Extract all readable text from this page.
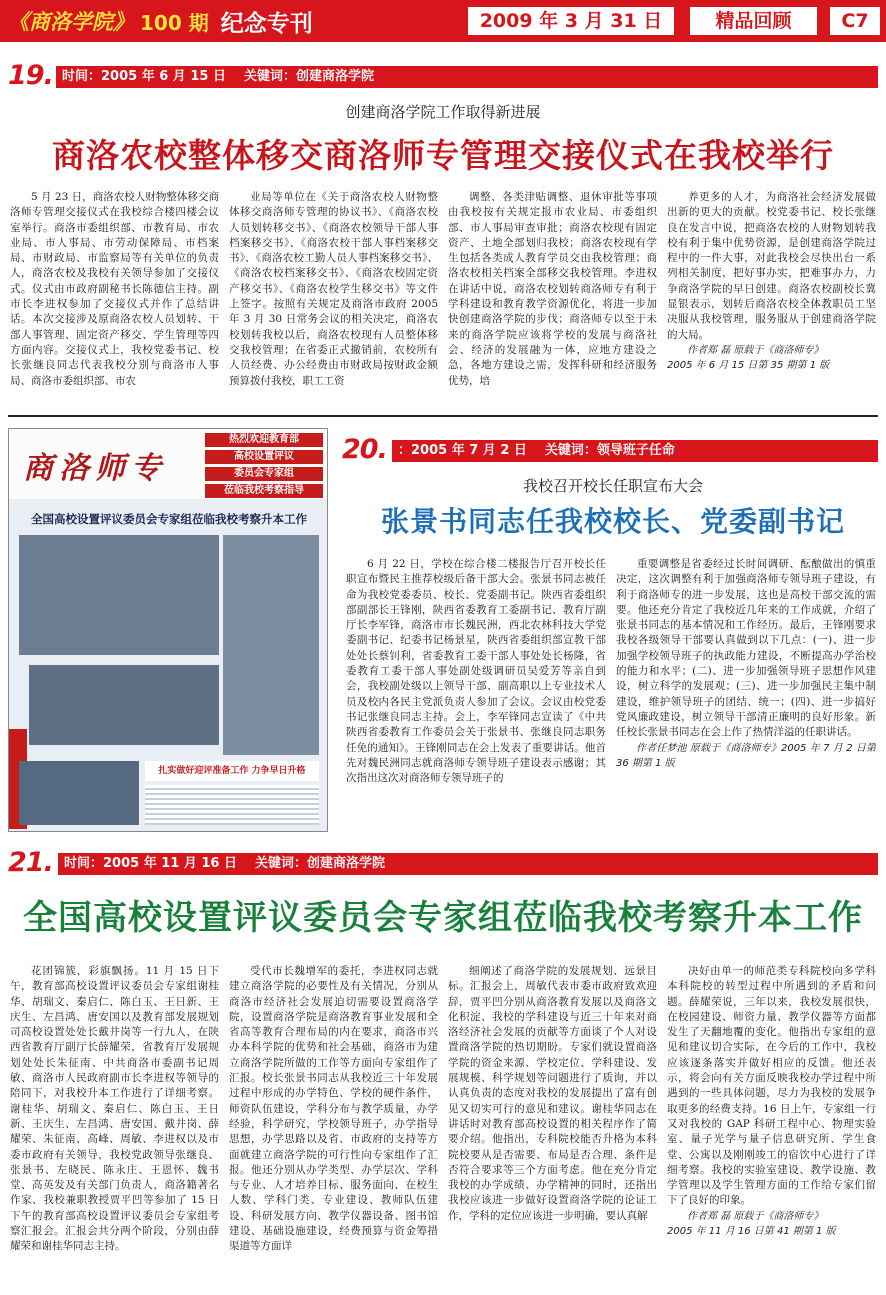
《商洛学院》 100 期 纪念专刊	2009 年 3 月 31 日	精品回顾	C7
19. 时间：2005 年 6 月 15 日 关键词：创建商洛学院
创建商洛学院工作取得新进展
商洛农校整体移交商洛师专管理交接仪式在我校举行

5 月 23 日，商洛农校人财物整体移交商洛师专管理交接仪式在我校综合楼四楼会议室举行。商洛市委组织部、市教育局、市农业局、市人事局、市劳动保障局、市档案局、市财政局、市监察局等有关单位的负责人，商洛农校及我校有关领导参加了交接仪式。仪式由市政府副秘书长陈德信主持。副市长李进权参加了交接仪式并作了总结讲话。本次交接涉及原商洛农校人员划转、干部人事管理、固定资产移交、学生管理等四方面内容。交接仪式上，我校党委书记、校长张继良同志代表我校分别与商洛市人事局、商洛市委组织部、市农

业局等单位在《关于商洛农校人财物整体移交商洛师专管理的协议书》、《商洛农校人员划转移交书》、《商洛农校领导干部人事档案移交书》、《商洛农校干部人事档案移交书》、《商洛农校工勤人员人事档案移交书》、《商洛农校档案移交书》、《商洛农校固定资产移交书》、《商洛农校学生移交书》等文件上签字。按照有关规定及商洛市政府 2005 年 3 月 30 日常务会议的相关决定，商洛农校划转我校以后，商洛农校现有人员整体移交我校管理；在省委正式撤销前，农校所有人员经费、办公经费由市财政局按财政金额预算拨付我校，职工工资

调整、各类津贴调整、退休审批等事项由我校按有关规定报市农业局、市委组织部、市人事局审查审批；商洛农校现有固定资产、土地全部划归我校；商洛农校现有学生包括各类成人教育学员交由我校管理；商洛农校相关档案全部移交我校管理。李进权在讲话中说，商洛农校划转商洛师专有利于学科建设和教育教学资源优化，将进一步加快创建商洛学院的步伐；商洛师专以至于未来的商洛学院应该将学校的发展与商洛社会、经济的发展融为一体，应地方建设之急，各地方建设之需，发挥科研和经济服务优势，培

养更多的人才，为商洛社会经济发展做出新的更大的贡献。校党委书记、校长张继良在发言中说，把商洛农校的人财物划转我校有利于集中优势资源，是创建商洛学院过程中的一件大事，对此我校会尽快出台一系列相关制度，把好事办实，把难事办力，力争商洛学院的早日创建。商洛农校副校长冀显银表示，划转后商洛农校全体教职员工坚决服从我校管理，服务服从于创建商洛学院的大局。

作者郑 磊 原载于《商洛师专》
2005 年 6 月 15 日第 35 期第 1 版
商洛师专
热烈欢迎教育部
高校设置评议
委员会专家组
莅临我校考察指导
全国高校设置评议委员会专家组莅临我校考察升本工作
扎实做好迎评准备工作 力争早日升格
20. ：2005 年 7 月 2 日 关键词：领导班子任命
我校召开校长任职宣布大会
张景书同志任我校校长、党委副书记

6 月 22 日，学校在综合楼二楼报告厅召开校长任职宣布暨民主推荐校级后备干部大会。张景书同志被任命为我校党委委员、校长、党委副书记。陕西省委组织部副部长王锋刚，陕西省委教育工委副书记、教育厅副厅长李军锋，商洛市市长魏民洲，西北农林科技大学党委副书记、纪委书记杨景星，陕西省委组织部宣教干部处处长蔡钊利，省委教育工委干部人事处处长杨隆，省委教育工委干部人事处副处级调研员吴爱芳等亲自到会，我校副处级以上领导干部、副高职以上专业技术人员及校内各民主党派负责人参加了会议。会议由校党委书记张继良同志主持。会上，李军锋同志宣读了《中共陕西省委教育工作委员会关于张景书、张继良同志职务任免的通知》。王锋刚同志在会上发表了重要讲话。他首先对魏民洲同志就商洛师专领导班子建设表示感谢；其次指出这次对商洛师专领导班子的

重要调整是省委经过长时间调研、酝酿做出的慎重决定，这次调整有利于加强商洛师专领导班子建设，有利于商洛师专的进一步发展，这也是高校干部交流的需要。他还充分肯定了我校近几年来的工作成就，介绍了张景书同志的基本情况和工作经历。最后，王锋刚要求我校各级领导干部要认真做到以下几点：(一)、进一步加强学校领导班子的执政能力建设，不断提高办学治校的能力和水平；(二)、进一步加强领导班子思想作风建设，树立科学的发展观；(三)、进一步加强民主集中制建设，维护领导班子的团结、统一；(四)、进一步搞好党风廉政建设，树立领导干部清正廉明的良好形象。新任校长张景书同志在会上作了热情洋溢的任职讲话。

作者任梦池 原载于《商洛师专》2005 年 7 月 2 日第 36 期第 1 版
21. 时间：2005 年 11 月 16 日 关键词：创建商洛学院
全国高校设置评议委员会专家组莅临我校考察升本工作

花团锦簇，彩旗飘扬。11 月 15 日下午，教育部高校设置评议委员会专家组谢桂华、胡瑞文、秦启仁、陈白玉、王日新、王庆生、左昌鸿、唐安国以及教育部发展规划司高校设置处处长戴井岗等一行九人，在陕西省教育厅副厅长薛耀荣，省教育厅发展规划处处长朱征南、中共商洛市委副书记周敏、商洛市人民政府副市长李进权等领导的陪同下，对我校升本工作进行了详细考察。谢桂华、胡瑞文、秦启仁、陈白玉、王日新、王庆生、左昌鸿、唐安国、戴井岗、薛耀荣、朱征南、高峰、周敏、李进权以及市委市政府有关领导，我校党政领导张继良、张景书、左晓民、陈永庄、王恩怀、魏书堂、高英发及有关部门负责人，商洛籍著名作家、我校兼职教授贾平凹等参加了 15 日下午的教育部高校设置评议委员会专家组考察汇报会。汇报会共分两个阶段，分别由薛耀荣和谢桂华同志主持。

受代市长魏增军的委托，李进权同志就建立商洛学院的必要性及有关情况，分别从商洛市经济社会发展迫切需要设置商洛学院，设置商洛学院是商洛教育事业发展和全省高等教育合理布局的内在要求，商洛市兴办本科学院的优势和社会基础，商洛市为建立商洛学院所做的工作等方面向专家组作了汇报。校长张景书同志从我校近三十年发展过程中形成的办学特色、学校的硬件条件，师资队伍建设，学科分布与教学质量，办学经验，科学研究，学校领导班子，办学指导思想，办学思路以及省、市政府的支持等方面就建立商洛学院的可行性向专家组作了汇报。他还分别从办学类型、办学层次、学科与专业、人才培养目标、服务面向、在校生人数、学科门类、专业建设、教师队伍建设、科研发展方向、教学仪器设备、图书馆建设、基础设施建设，经费预算与资金筹措渠道等方面详

细阐述了商洛学院的发展规划、远景目标。汇报会上，周敏代表市委市政府致欢迎辞，贾平凹分别从商洛教育发展以及商洛文化积淀、我校的学科建设与近三十年来对商洛经济社会发展的贡献等方面谈了个人对设置商洛学院的热切期盼。专家们就设置商洛学院的资金来源、学校定位、学科建设、发展规模、科学规划等问题进行了质询，并以认真负责的态度对我校的发展提出了富有创见又切实可行的意见和建议。谢桂华同志在讲话时对教育部高校设置的相关程序作了简要介绍。他指出，专科院校能否升格为本科院校要从是否需要、布局是否合理、条件是否符合要求等三个方面考虑。他在充分肯定我校的办学成绩、办学精神的同时，还指出我校应该进一步做好设置商洛学院的论证工作，学科的定位应该进一步明确，要认真解

决好由单一的师范类专科院校向多学科本科院校的转型过程中所遇到的矛盾和问题。薛耀荣说，三年以来，我校发展很快，在校园建设、师资力量、教学仪器等方面都发生了天翻地覆的变化。他指出专家组的意见和建议切合实际，在今后的工作中，我校应该逐条落实并做好相应的反馈。他还表示，将会向有关方面反映我校办学过程中所遇到的一些具体问题，尽力为我校的发展争取更多的经费支持。16 日上午，专家组一行又对我校的 GAP 科研工程中心、物理实验室、量子光学与量子信息研究所、学生食堂、公寓以及刚刚竣工的宿饮中心进行了详细考察。我校的实验室建设、教学设施、教学管理以及学生管理方面的工作给专家们留下了良好的印象。

作者郑 磊 原载于《商洛师专》
2005 年 11 月 16 日第 41 期第 1 版
